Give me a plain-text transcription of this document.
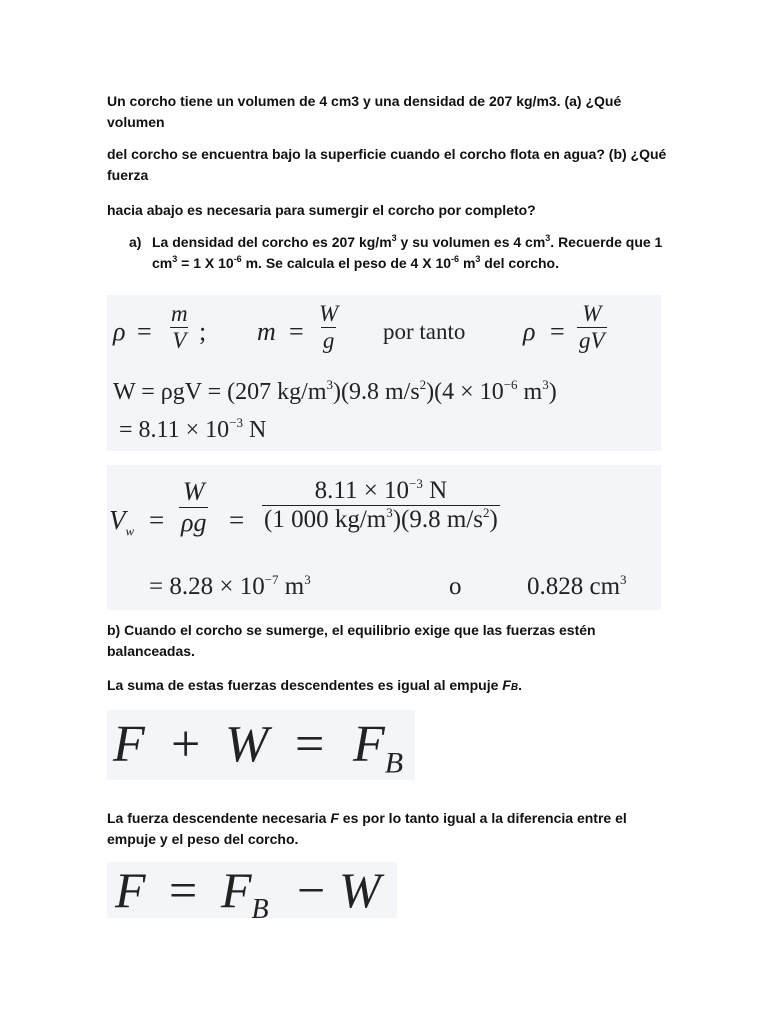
Un corcho tiene un volumen de 4 cm3 y una densidad de 207 kg/m3. (a) ¿Qué volumen

del corcho se encuentra bajo la superficie cuando el corcho flota en agua? (b) ¿Qué fuerza

hacia abajo es necesaria para sumergir el corcho por completo?

a) La densidad del corcho es 207 $kg/m^3$ y su volumen es 4 $cm^3$. Recuerde que 1 $cm^3 = 1$ X $10^{-6}$ m. Se calcula el peso de 4 X $10^{-6}$ $m^3$ del corcho.
$\rho = \frac{m}{V}$ ; $m = \frac{W}{g}$ por tanto $\rho = \frac{W}{gV}$
W = ρgV = (207 $kg/m^3)(9.8$ $m/s^2)(4 \times 10^{-6}$ $m^3$)
= $8.11 \times 10^{-3}$ N
$V_w = \frac{W}{\rho g} = \frac{8.11 \times 10^{-3} N}{(1 000 kg/m^3)(9.8 m/s^2)}$
= $8.28 \times 10^{-7}$ $m^3$	o	0.828 $cm^3$

b) Cuando el corcho se sumerge, el equilibrio exige que las fuerzas estén balanceadas.

La suma de estas fuerzas descendentes es igual al empuje FB.

$F + W = F_B$

La fuerza descendente necesaria F es por lo tanto igual a la diferencia entre el empuje y el peso del corcho.

$F = F_B - W$
